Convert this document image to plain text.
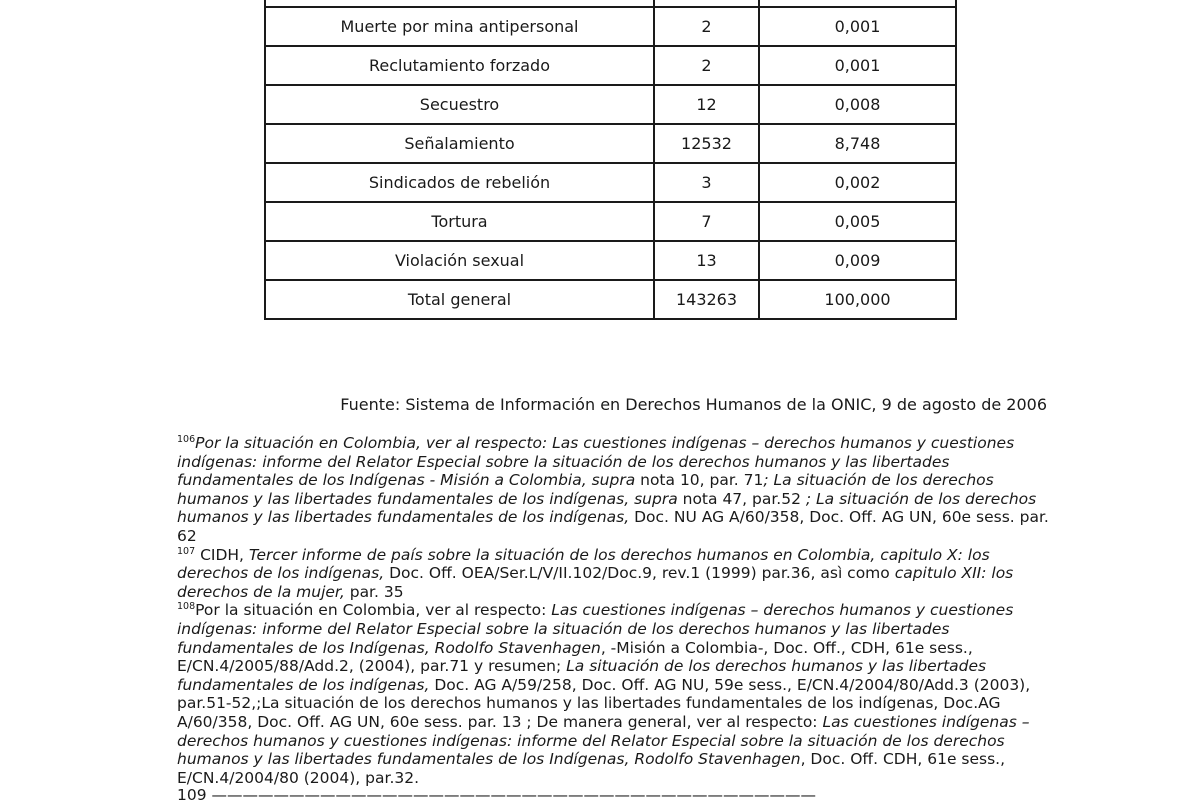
Muerte por mina antipersonal	2	0,001
Reclutamiento forzado	2	0,001
Secuestro	12	0,008
Señalamiento	12532	8,748
Sindicados de rebelión	3	0,002
Tortura	7	0,005
Violación sexual	13	0,009
Total general	143263	100,000
Fuente: Sistema de Información en Derechos Humanos de la ONIC, 9 de agosto de 2006

$^{106}$Por la situación en Colombia, ver al respecto: Las cuestiones indígenas – derechos humanos y cuestiones indígenas: informe del Relator Especial sobre la situación de los derechos humanos y las libertades fundamentales de los Indígenas - Misión a Colombia, supra nota 10, par. 71; La situación de los derechos humanos y las libertades fundamentales de los indígenas, supra nota 47, par.52 ; La situación de los derechos humanos y las libertades fundamentales de los indígenas, Doc. NU AG A/60/358, Doc. Off. AG UN, 60e sess. par. 62

$^{107}$ CIDH, Tercer informe de país sobre la situación de los derechos humanos en Colombia, capitulo X: los derechos de los indígenas, Doc. Off. OEA/Ser.L/V/II.102/Doc.9, rev.1 (1999) par.36, asì como capitulo XII: los derechos de la mujer, par. 35

$^{108}$Por la situación en Colombia, ver al respecto: Las cuestiones indígenas – derechos humanos y cuestiones indígenas: informe del Relator Especial sobre la situación de los derechos humanos y las libertades fundamentales de los Indígenas, Rodolfo Stavenhagen, -Misión a Colombia-, Doc. Off., CDH, 61e sess., E/CN.4/2005/88/Add.2, (2004), par.71 y resumen; La situación de los derechos humanos y las libertades fundamentales de los indígenas, Doc. AG A/59/258, Doc. Off. AG NU, 59e sess., E/CN.4/2004/80/Add.3 (2003), par.51-52,;La situación de los derechos humanos y las libertades fundamentales de los indígenas, Doc.AG A/60/358, Doc. Off. AG UN, 60e sess. par. 13 ; De manera general, ver al respecto: Las cuestiones indígenas – derechos humanos y cuestiones indígenas: informe del Relator Especial sobre la situación de los derechos humanos y las libertades fundamentales de los Indígenas, Rodolfo Stavenhagen, Doc. Off. CDH, 61e sess., E/CN.4/2004/80 (2004), par.32.

109 ———————————————————————————————————————
